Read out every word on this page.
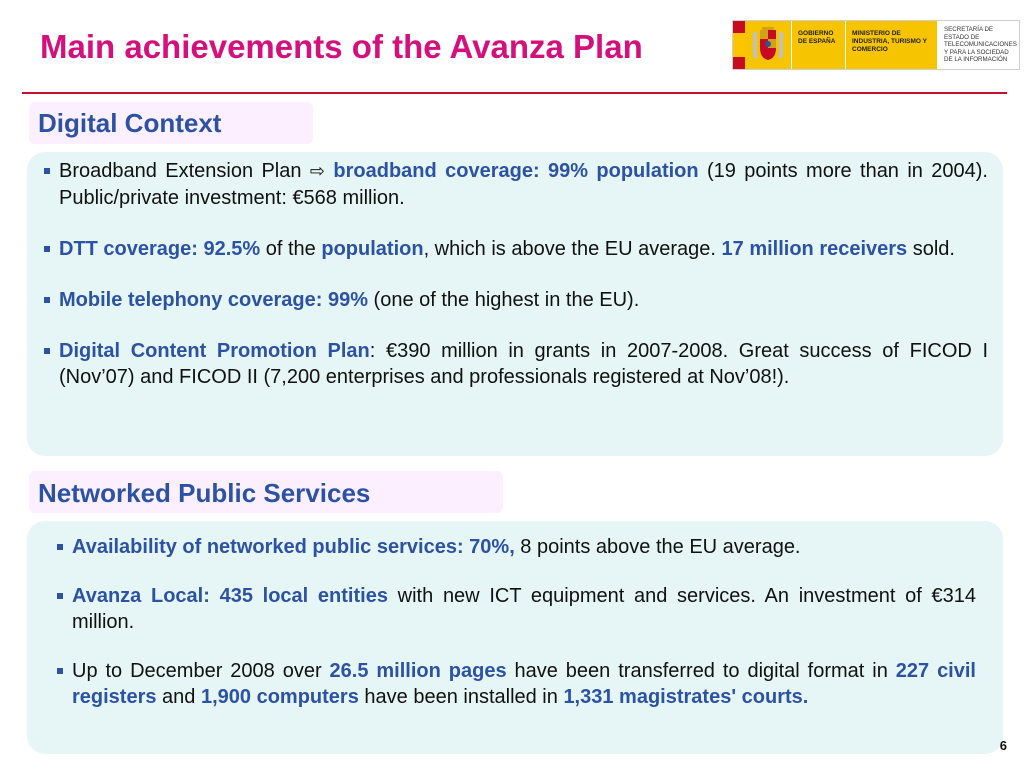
Main achievements of the Avanza Plan	GOBIERNO DE ESPAÑA
MINISTERIO DE INDUSTRIA, TURISMO Y COMERCIO
SECRETARÍA DE ESTADO DE TELECOMUNICACIONES Y PARA LA SOCIEDAD DE LA INFORMACIÓN
Digital Context
Broadband Extension Plan ⇨ broadband coverage: 99% population (19 points more than in 2004). Public/private investment: €568 million.
DTT coverage: 92.5% of the population, which is above the EU average. 17 million receivers sold.
Mobile telephony coverage: 99% (one of the highest in the EU).
Digital Content Promotion Plan: €390 million in grants in 2007-2008. Great success of FICOD I (Nov’07) and FICOD II (7,200 enterprises and professionals registered at Nov’08!).
Networked Public Services
Availability of networked public services: 70%, 8 points above the EU average.
Avanza Local: 435 local entities with new ICT equipment and services. An investment of €314 million.
Up to December 2008 over 26.5 million pages have been transferred to digital format in 227 civil registers and 1,900 computers have been installed in 1,331 magistrates' courts.
6
